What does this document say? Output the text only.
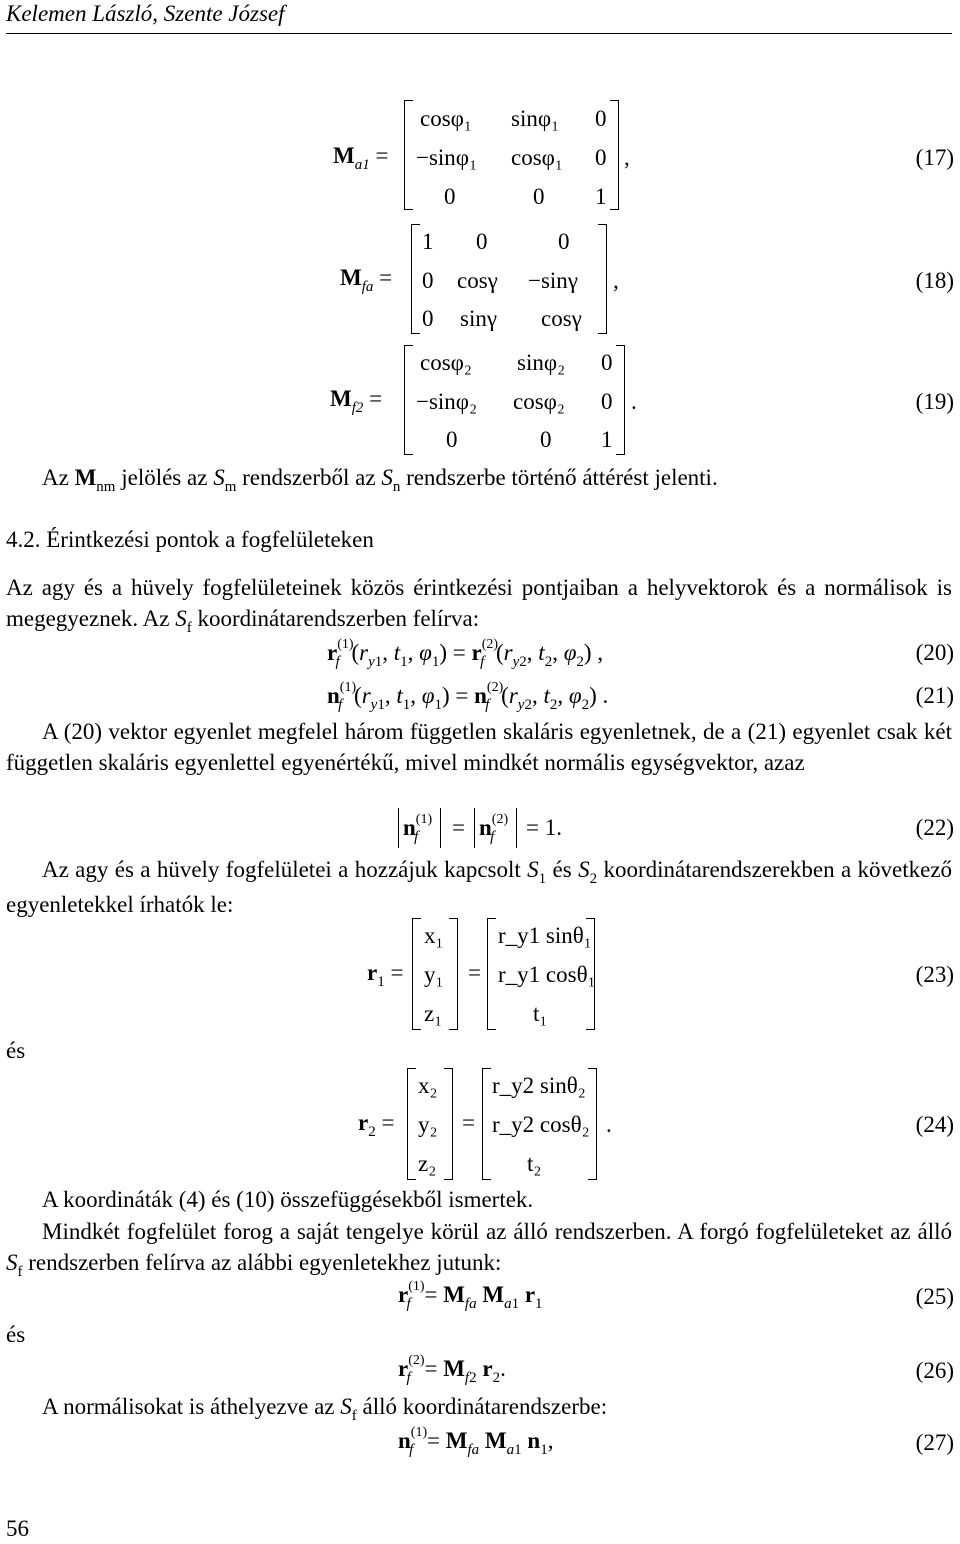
Kelemen László, Szente József
$M_{a1}$ =
cosφ₁ sinφ₁ 0
−sinφ₁ cosφ₁ 0
0	0 1
,	(17)
$M_{fa}$ =
1 0	0
0 cosγ −sinγ
0 sinγ cosγ
,	(18)
$M_{f2}$ =
cosφ₂ sinφ₂ 0
−sinφ₂ cosφ₂ 0
0	0 1
.	(19)
Az $M_{nm}$ jelölés az $S_m$ rendszerből az $S_n$ rendszerbe történő áttérést jelenti.
4.2. Érintkezési pontok a fogfelületeken
Az agy és a hüvely fogfelületeinek közös érintkezési pontjaiban a helyvektorok és a normálisok is megegyeznek. Az $S_f$ koordinátarendszerben felírva:
$r^{(1)}_f$ ($r_{y1}$, $t_1$, $\varphi_1) = r^{(2)}_f$ ($r_{y2}$, $t_2$, $\varphi_2$) ,	(20)
$n^{(1)}_f$ ($r_{y1}$, $t_1$, $\varphi_1) = n^{(2)}_f$ ($r_{y2}$, $t_2$, $\varphi_2$) .	(21)
A (20) vektor egyenlet megfelel három független skaláris egyenletnek, de a (21) egyenlet csak két független skaláris egyenlettel egyenértékű, mivel mindkét normális egységvektor, azaz
$n^{(1)}_f = n^{(2)}_f = 1$.	(22)
Az agy és a hüvely fogfelületei a hozzájuk kapcsolt $S_1$ és $S_2$ koordinátarendszerekben a következő egyenletekkel írhatók le:
$r_1$ =
x₁
y₁
z₁
=
r_y1 sinθ₁
r_y1 cosθ₁
t₁
(23)
és
$r_2$ =
x₂
y₂
z₂
=
r_y2 sinθ₂
r_y2 cosθ₂
t₂
.	(24)
A koordináták (4) és (10) összefüggésekből ismertek.
Mindkét fogfelület forog a saját tengelye körül az álló rendszerben. A forgó fogfelületeket az álló $S_f$ rendszerben felírva az alábbi egyenletekhez jutunk:
$r^{(1)}_f = M_{fa}$ $M_{a1}$ $r_1$	(25)
és
$r^{(2)}_f = M_{f2}$ $r_2$.	(26)
A normálisokat is áthelyezve az $S_f$ álló koordinátarendszerbe:
$n^{(1)}_f = M_{fa}$ $M_{a1}$ $n_1$,	(27)
56
